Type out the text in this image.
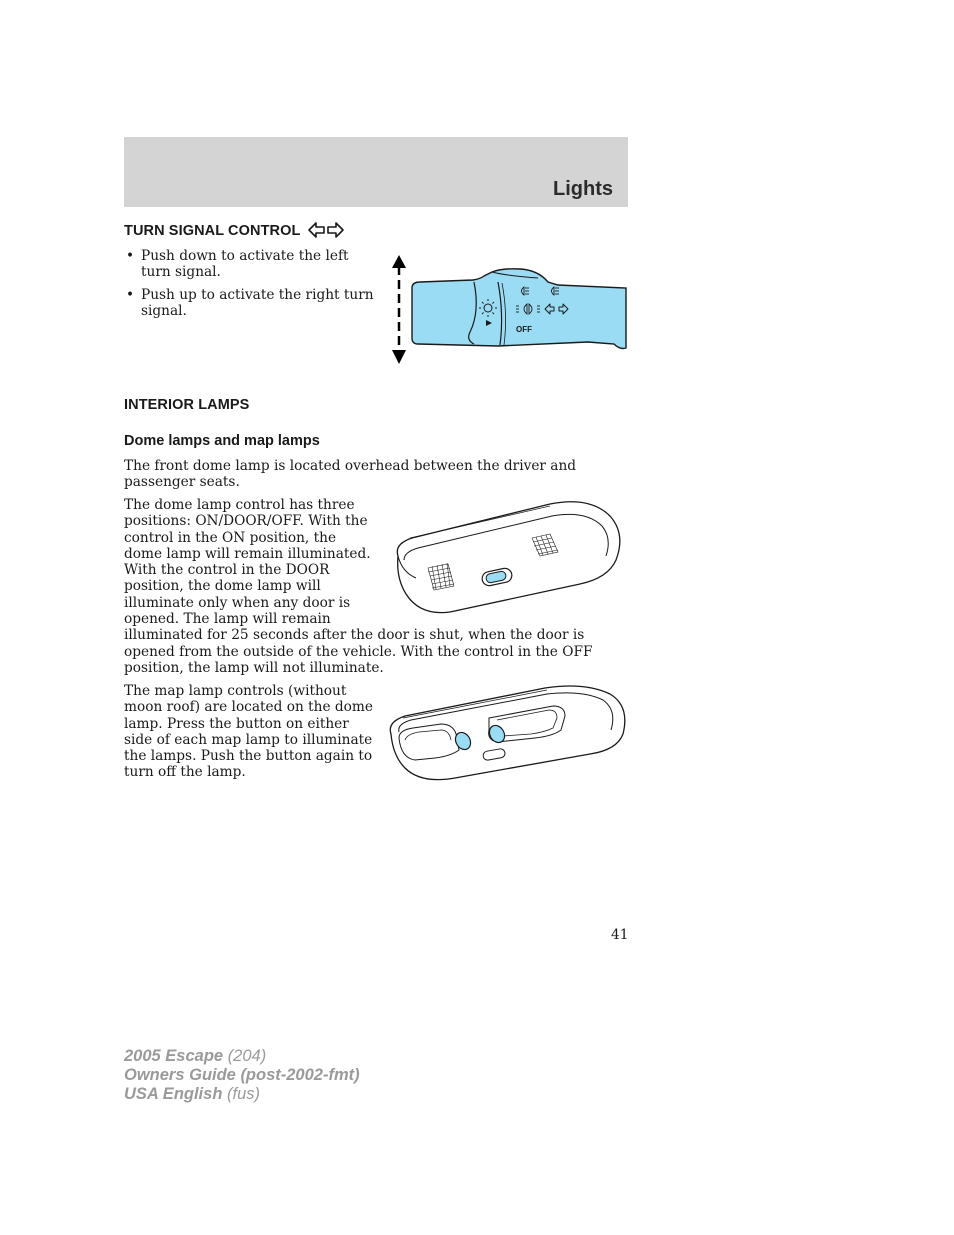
Lights
TURN SIGNAL CONTROL
• Push down to activate the left turn signal.
• Push up to activate the right turn signal.
OFF
INTERIOR LAMPS
Dome lamps and map lamps

The front dome lamp is located overhead between the driver and passenger seats.

The dome lamp control has three
positions: ON/DOOR/OFF. With the
control in the ON position, the
dome lamp will remain illuminated.
With the control in the DOOR
position, the dome lamp will
illuminate only when any door is
opened. The lamp will remain
illuminated for 25 seconds after the door is shut, when the door is
opened from the outside of the vehicle. With the control in the OFF
position, the lamp will not illuminate.
The map lamp controls (without
moon roof) are located on the dome
lamp. Press the button on either
side of each map lamp to illuminate
the lamps. Push the button again to
turn off the lamp.
41
2005 Escape (204)
Owners Guide (post-2002-fmt)
USA English (fus)
